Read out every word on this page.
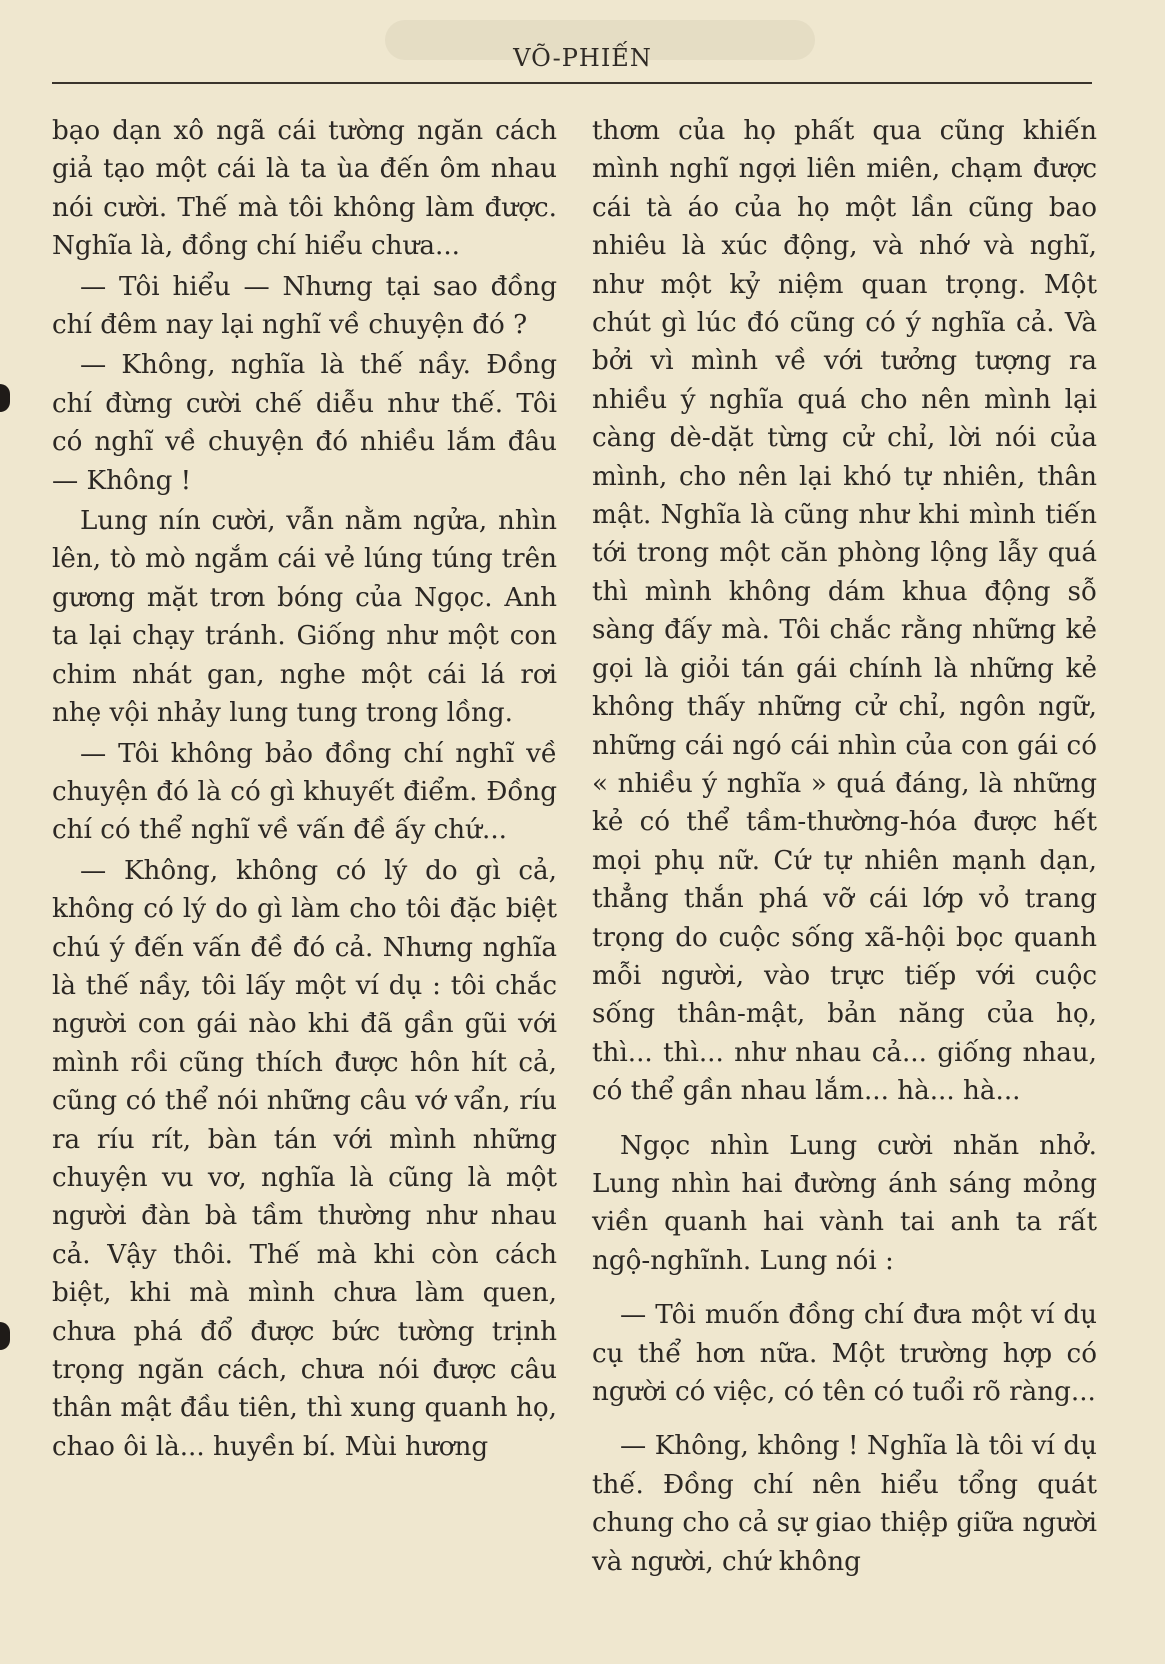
VÕ-PHIẾN

bạo dạn xô ngã cái tường ngăn cách giả tạo một cái là ta ùa đến ôm nhau nói cười. Thế mà tôi không làm được. Nghĩa là, đồng chí hiểu chưa...

— Tôi hiểu — Nhưng tại sao đồng chí đêm nay lại nghĩ về chuyện đó ?

— Không, nghĩa là thế nầy. Đồng chí đừng cười chế diễu như thế. Tôi có nghĩ về chuyện đó nhiều lắm đâu — Không !

Lung nín cười, vẫn nằm ngửa, nhìn lên, tò mò ngắm cái vẻ lúng túng trên gương mặt trơn bóng của Ngọc. Anh ta lại chạy tránh. Giống như một con chim nhát gan, nghe một cái lá rơi nhẹ vội nhảy lung tung trong lồng.

— Tôi không bảo đồng chí nghĩ về chuyện đó là có gì khuyết điểm. Đồng chí có thể nghĩ về vấn đề ấy chứ...

— Không, không có lý do gì cả, không có lý do gì làm cho tôi đặc biệt chú ý đến vấn đề đó cả. Nhưng nghĩa là thế nầy, tôi lấy một ví dụ : tôi chắc người con gái nào khi đã gần gũi với mình rồi cũng thích được hôn hít cả, cũng có thể nói những câu vớ vẩn, ríu ra ríu rít, bàn tán với mình những chuyện vu vơ, nghĩa là cũng là một người đàn bà tầm thường như nhau cả. Vậy thôi. Thế mà khi còn cách biệt, khi mà mình chưa làm quen, chưa phá đổ được bức tường trịnh trọng ngăn cách, chưa nói được câu thân mật đầu tiên, thì xung quanh họ, chao ôi là... huyền bí. Mùi hương

thơm của họ phất qua cũng khiến mình nghĩ ngợi liên miên, chạm được cái tà áo của họ một lần cũng bao nhiêu là xúc động, và nhớ và nghĩ, như một kỷ niệm quan trọng. Một chút gì lúc đó cũng có ý nghĩa cả. Và bởi vì mình về với tưởng tượng ra nhiều ý nghĩa quá cho nên mình lại càng dè-dặt từng cử chỉ, lời nói của mình, cho nên lại khó tự nhiên, thân mật. Nghĩa là cũng như khi mình tiến tới trong một căn phòng lộng lẫy quá thì mình không dám khua động sỗ sàng đấy mà. Tôi chắc rằng những kẻ gọi là giỏi tán gái chính là những kẻ không thấy những cử chỉ, ngôn ngữ, những cái ngó cái nhìn của con gái có « nhiều ý nghĩa » quá đáng, là những kẻ có thể tầm-thường-hóa được hết mọi phụ nữ. Cứ tự nhiên mạnh dạn, thẳng thắn phá vỡ cái lớp vỏ trang trọng do cuộc sống xã-hội bọc quanh mỗi người, vào trực tiếp với cuộc sống thân-mật, bản năng của họ, thì... thì... như nhau cả... giống nhau, có thể gần nhau lắm... hà... hà...

Ngọc nhìn Lung cười nhăn nhở. Lung nhìn hai đường ánh sáng mỏng viền quanh hai vành tai anh ta rất ngộ-nghĩnh. Lung nói :

— Tôi muốn đồng chí đưa một ví dụ cụ thể hơn nữa. Một trường hợp có người có việc, có tên có tuổi rõ ràng...

— Không, không ! Nghĩa là tôi ví dụ thế. Đồng chí nên hiểu tổng quát chung cho cả sự giao thiệp giữa người và người, chứ không
